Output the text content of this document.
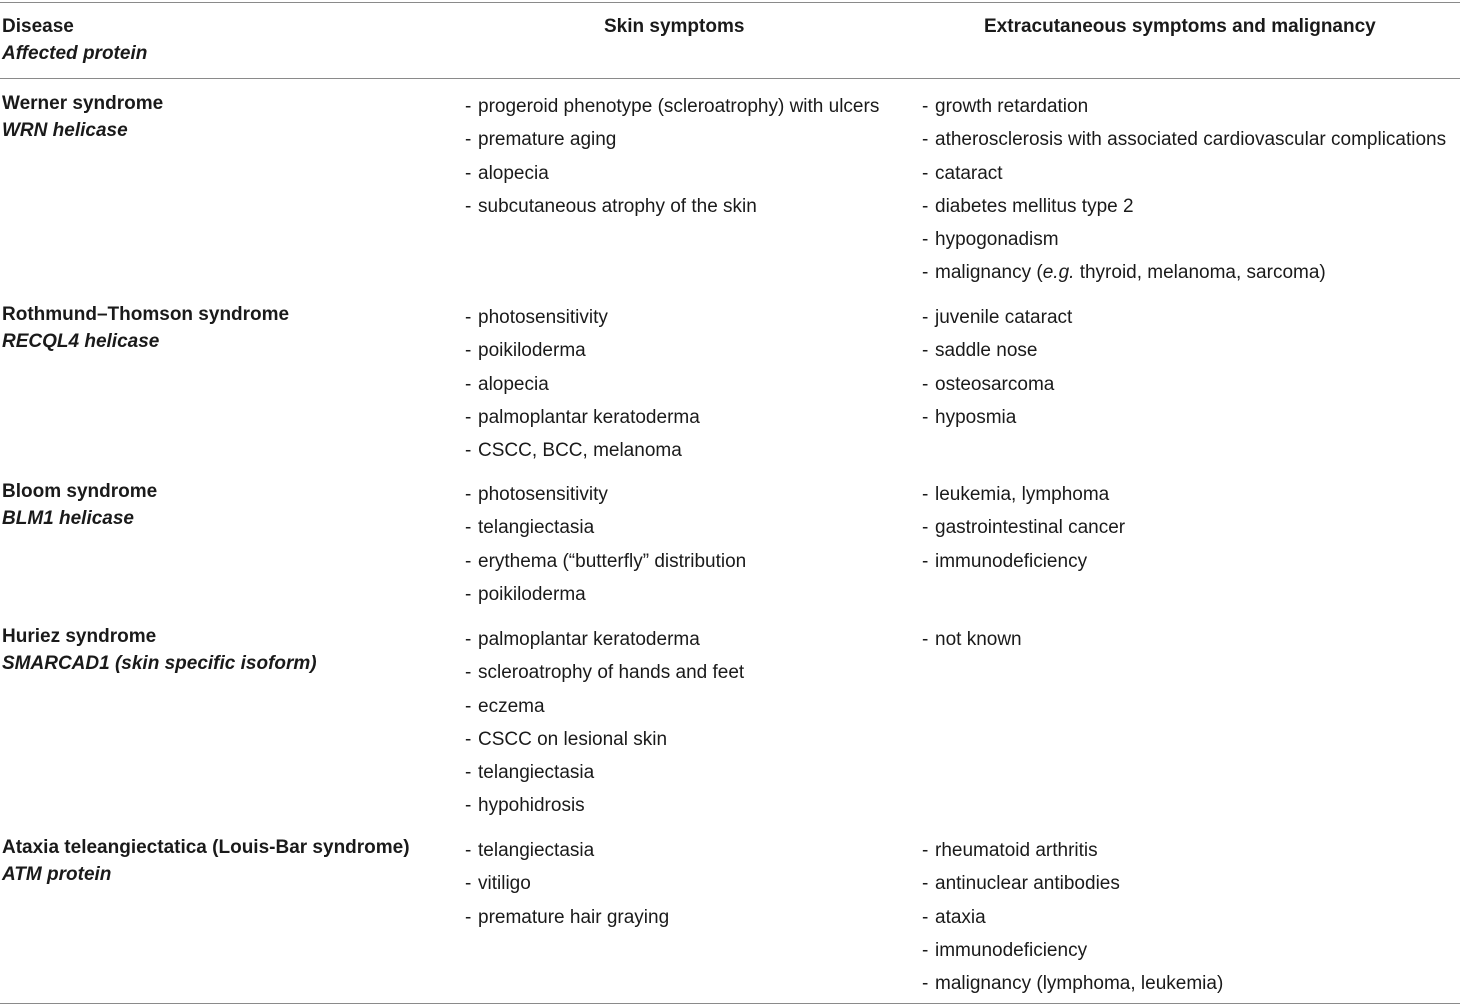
Disease
Affected protein
Skin symptoms	Extracutaneous symptoms and malignancy
Werner syndrome
WRN helicase
- progeroid phenotype (scleroatrophy) with ulcers
- premature aging
- alopecia
- subcutaneous atrophy of the skin
- growth retardation
- atherosclerosis with associated cardiovascular complications
- cataract
- diabetes mellitus type 2
- hypogonadism
- malignancy (e.g. thyroid, melanoma, sarcoma)
Rothmund–Thomson syndrome
RECQL4 helicase
- photosensitivity
- poikiloderma
- alopecia
- palmoplantar keratoderma
- CSCC, BCC, melanoma
- juvenile cataract
- saddle nose
- osteosarcoma
- hyposmia
Bloom syndrome
BLM1 helicase
- photosensitivity
- telangiectasia
- erythema (“butterfly” distribution
- poikiloderma
- leukemia, lymphoma
- gastrointestinal cancer
- immunodeficiency
Huriez syndrome
SMARCAD1 (skin specific isoform)
- palmoplantar keratoderma
- scleroatrophy of hands and feet
- eczema
- CSCC on lesional skin
- telangiectasia
- hypohidrosis
- not known
Ataxia teleangiectatica (Louis-Bar syndrome)
ATM protein
- telangiectasia
- vitiligo
- premature hair graying
- rheumatoid arthritis
- antinuclear antibodies
- ataxia
- immunodeficiency
- malignancy (lymphoma, leukemia)
